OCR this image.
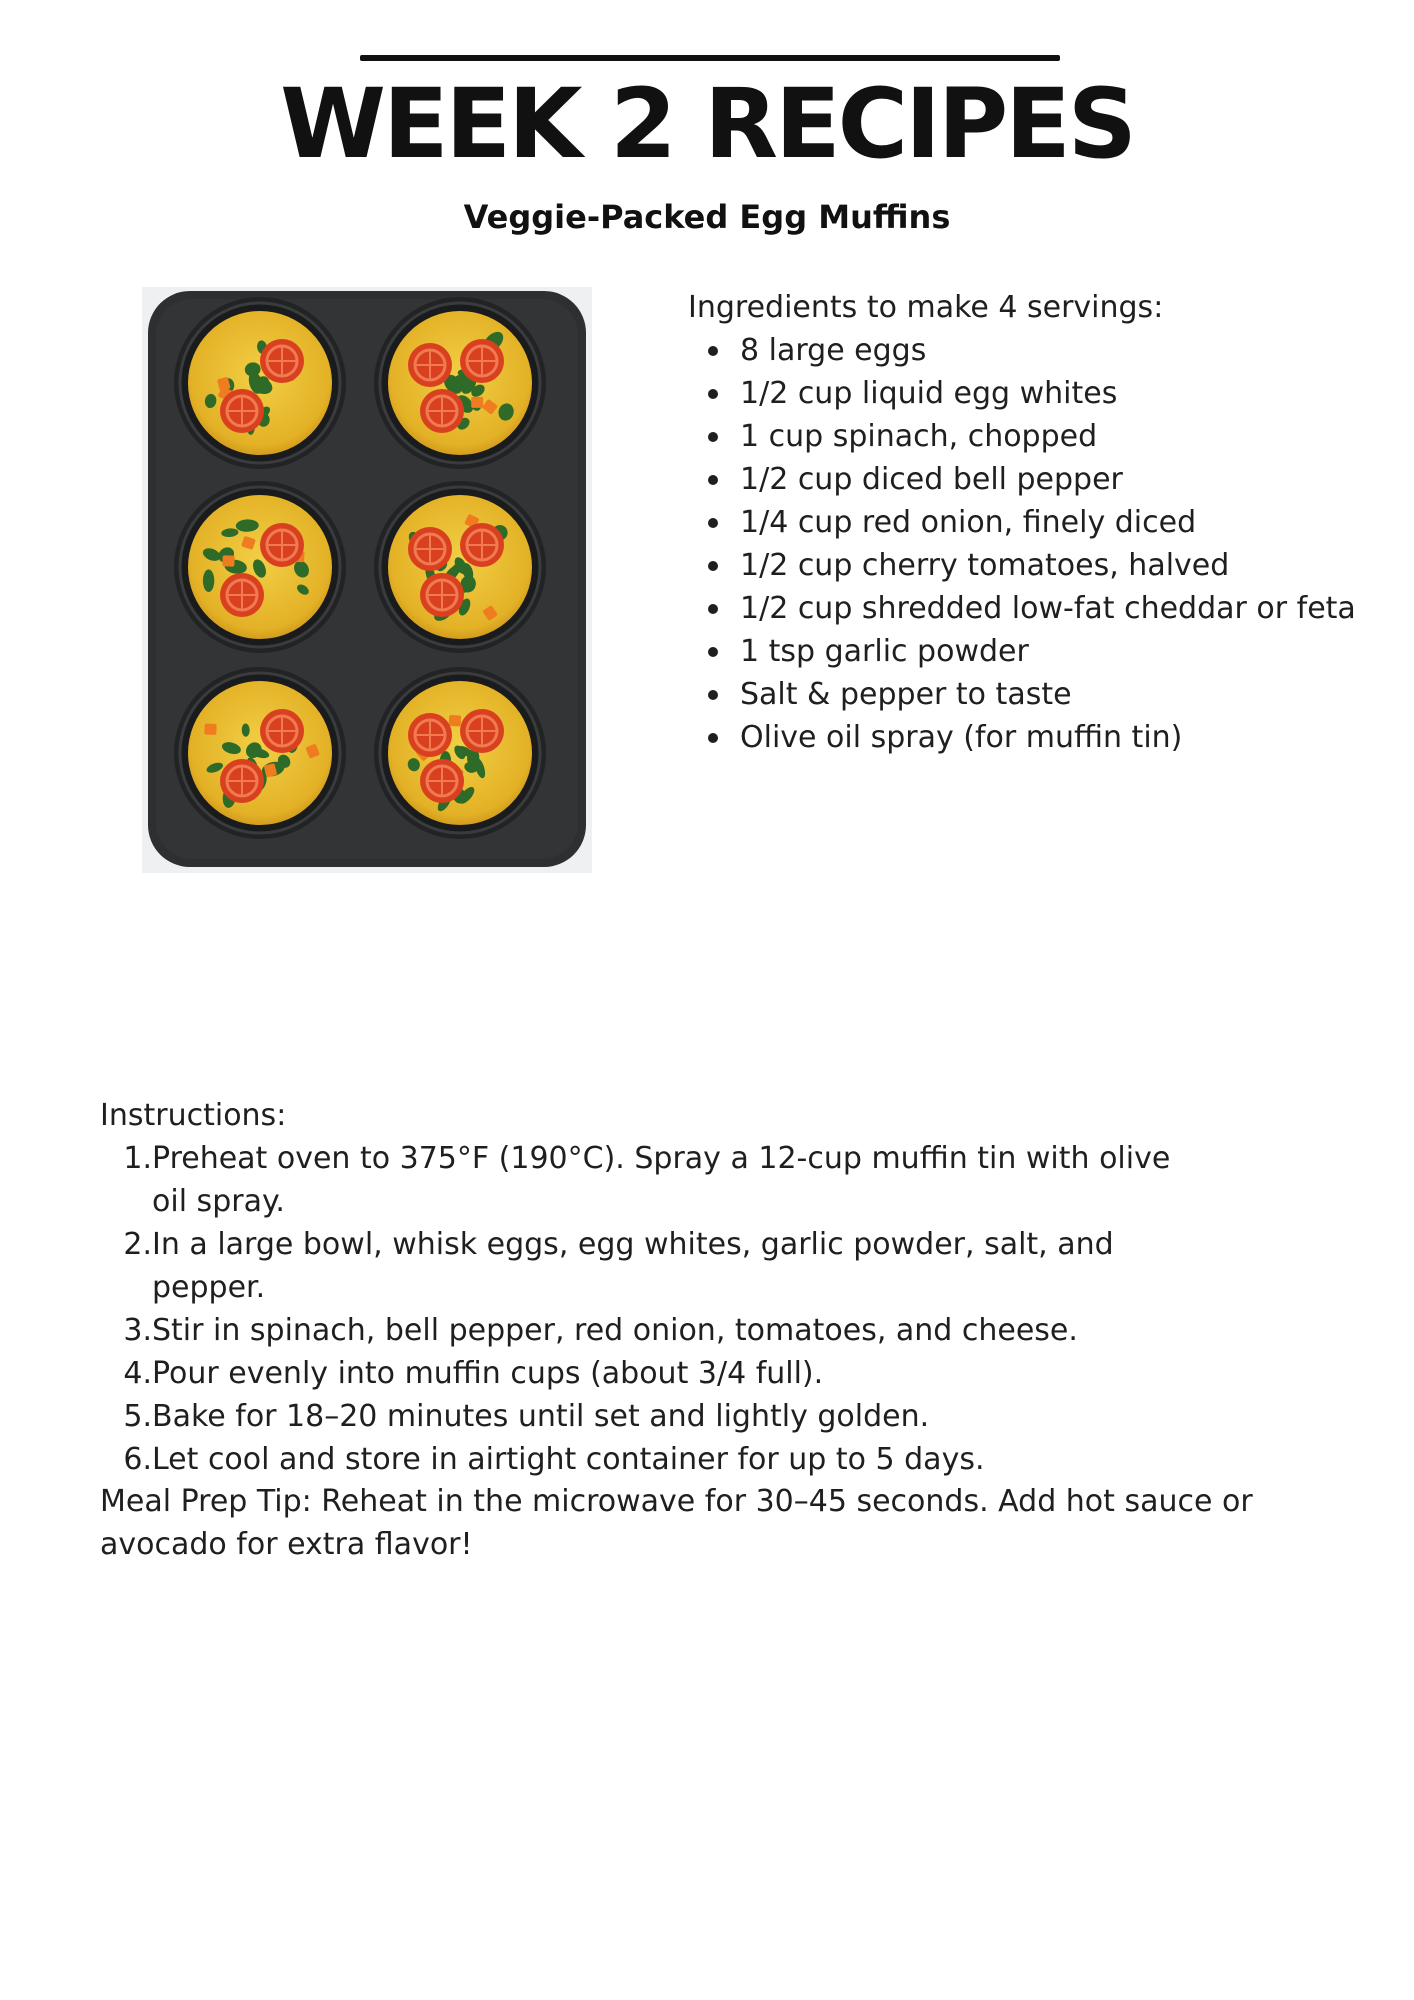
WEEK 2 RECIPES
Veggie-Packed Egg Muffins
Ingredients to make 4 servings:
8 large eggs
1/2 cup liquid egg whites
1 cup spinach, chopped
1/2 cup diced bell pepper
1/4 cup red onion, finely diced
1/2 cup cherry tomatoes, halved
1/2 cup shredded low-fat cheddar or feta
1 tsp garlic powder
Salt & pepper to taste
Olive oil spray (for muffin tin)
Instructions:
1. Preheat oven to 375°F (190°C). Spray a 12-cup muffin tin with olive oil spray.
2. In a large bowl, whisk eggs, egg whites, garlic powder, salt, and pepper.
3. Stir in spinach, bell pepper, red onion, tomatoes, and cheese.
4. Pour evenly into muffin cups (about 3/4 full).
5. Bake for 18–20 minutes until set and lightly golden.
6. Let cool and store in airtight container for up to 5 days.

Meal Prep Tip: Reheat in the microwave for 30–45 seconds. Add hot sauce or avocado for extra flavor!
